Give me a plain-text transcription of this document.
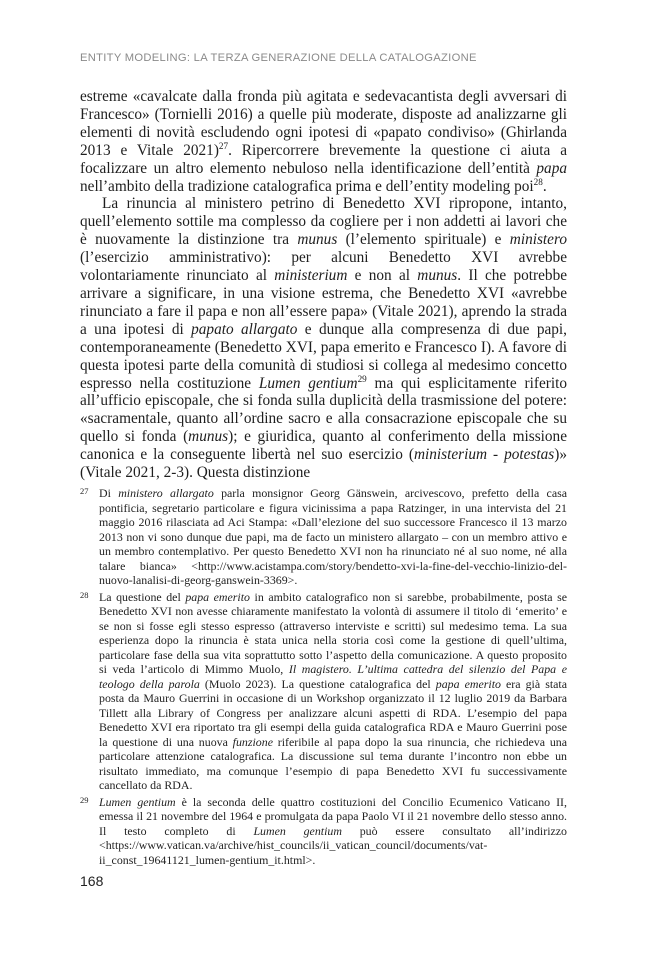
ENTITY MODELING: LA TERZA GENERAZIONE DELLA CATALOGAZIONE

estreme «cavalcate dalla fronda più agitata e sedevacantista degli avversari di Francesco» (Tornielli 2016) a quelle più moderate, disposte ad analizzarne gli elementi di novità escludendo ogni ipotesi di «papato condiviso» (Ghirlanda 2013 e Vitale 2021)$^{27}$. Ripercorrere brevemente la questione ci aiuta a focalizzare un altro elemento nebuloso nella identificazione dell’entità papa nell’ambito della tradizione catalografica prima e dell’entity modeling poi$^{28}$.

La rinuncia al ministero petrino di Benedetto XVI ripropone, intanto, quell’elemento sottile ma complesso da cogliere per i non addetti ai lavori che è nuovamente la distinzione tra munus (l’elemento spirituale) e ministero (l’esercizio amministrativo): per alcuni Benedetto XVI avrebbe volontariamente rinunciato al ministerium e non al munus. Il che potrebbe arrivare a significare, in una visione estrema, che Benedetto XVI «avrebbe rinunciato a fare il papa e non all’essere papa» (Vitale 2021), aprendo la strada a una ipotesi di papato allargato e dunque alla compresenza di due papi, contemporaneamente (Benedetto XVI, papa emerito e Francesco I). A favore di questa ipotesi parte della comunità di studiosi si collega al medesimo concetto espresso nella costituzione Lumen gentium$^{29}$ ma qui esplicitamente riferito all’ufficio episcopale, che si fonda sulla duplicità della trasmissione del potere: «sacramentale, quanto all’ordine sacro e alla consacrazione episcopale che su quello si fonda (munus); e giuridica, quanto al conferimento della missione canonica e la conseguente libertà nel suo esercizio (ministerium - potestas)» (Vitale 2021, 2-3). Questa distinzione

27 Di ministero allargato parla monsignor Georg Gänswein, arcivescovo, prefetto della casa pontificia, segretario particolare e figura vicinissima a papa Ratzinger, in una intervista del 21 maggio 2016 rilasciata ad Aci Stampa: «Dall’elezione del suo successore Francesco il 13 marzo 2013 non vi sono dunque due papi, ma de facto un ministero allargato – con un membro attivo e un membro contemplativo. Per questo Benedetto XVI non ha rinunciato né al suo nome, né alla talare bianca» <http://www.acistampa.com/story/bendetto-xvi-la-fine-del-vecchio-linizio-del-nuovo-lanalisi-di-georg-ganswein-3369>.
28 La questione del papa emerito in ambito catalografico non si sarebbe, probabilmente, posta se Benedetto XVI non avesse chiaramente manifestato la volontà di assumere il titolo di ‘emerito’ e se non si fosse egli stesso espresso (attraverso interviste e scritti) sul medesimo tema. La sua esperienza dopo la rinuncia è stata unica nella storia così come la gestione di quell’ultima, particolare fase della sua vita soprattutto sotto l’aspetto della comunicazione. A questo proposito si veda l’articolo di Mimmo Muolo, Il magistero. L’ultima cattedra del silenzio del Papa e teologo della parola (Muolo 2023). La questione catalografica del papa emerito era già stata posta da Mauro Guerrini in occasione di un Workshop organizzato il 12 luglio 2019 da Barbara Tillett alla Library of Congress per analizzare alcuni aspetti di RDA. L’esempio del papa Benedetto XVI era riportato tra gli esempi della guida catalografica RDA e Mauro Guerrini pose la questione di una nuova funzione riferibile al papa dopo la sua rinuncia, che richiedeva una particolare attenzione catalografica. La discussione sul tema durante l’incontro non ebbe un risultato immediato, ma comunque l’esempio di papa Benedetto XVI fu successivamente cancellato da RDA.
29 Lumen gentium è la seconda delle quattro costituzioni del Concilio Ecumenico Vaticano II, emessa il 21 novembre del 1964 e promulgata da papa Paolo VI il 21 novembre dello stesso anno. Il testo completo di Lumen gentium può essere consultato all’indirizzo <https://www.vatican.va/archive/hist_councils/ii_vatican_council/documents/vat-ii_const_19641121_lumen-gentium_it.html>.
168
